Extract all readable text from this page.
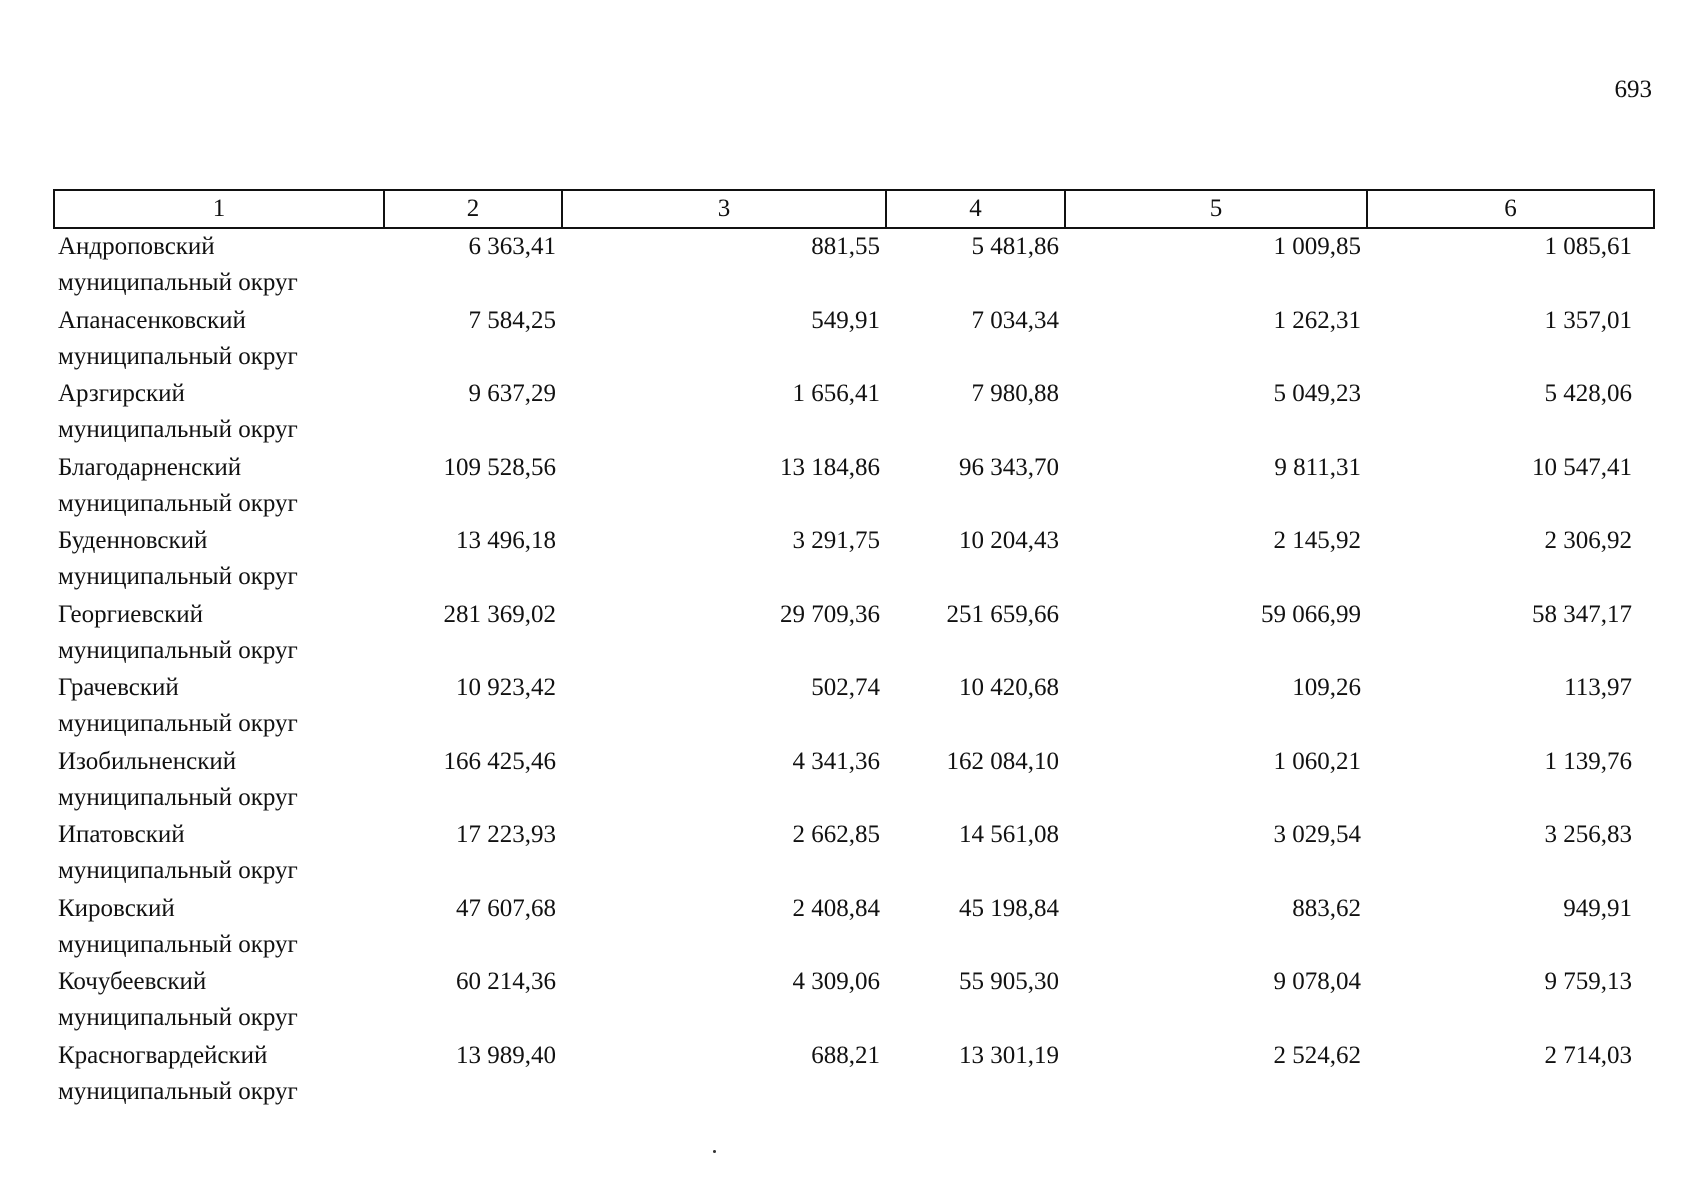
693
1	2	3	4	5	6

Андроповский
муниципальный округ	6 363,41	881,55	5 481,86	1 009,85	1 085,61

Апанасенковский
муниципальный округ	7 584,25	549,91	7 034,34	1 262,31	1 357,01

Арзгирский
муниципальный округ	9 637,29	1 656,41	7 980,88	5 049,23	5 428,06

Благодарненский
муниципальный округ	109 528,56	13 184,86	96 343,70	9 811,31	10 547,41

Буденновский
муниципальный округ	13 496,18	3 291,75	10 204,43	2 145,92	2 306,92

Георгиевский
муниципальный округ	281 369,02	29 709,36	251 659,66	59 066,99	58 347,17

Грачевский
муниципальный округ	10 923,42	502,74	10 420,68	109,26	113,97

Изобильненский
муниципальный округ	166 425,46	4 341,36	162 084,10	1 060,21	1 139,76

Ипатовский
муниципальный округ	17 223,93	2 662,85	14 561,08	3 029,54	3 256,83

Кировский
муниципальный округ	47 607,68	2 408,84	45 198,84	883,62	949,91

Кочубеевский
муниципальный округ	60 214,36	4 309,06	55 905,30	9 078,04	9 759,13

Красногвардейский
муниципальный округ	13 989,40	688,21	13 301,19	2 524,62	2 714,03
